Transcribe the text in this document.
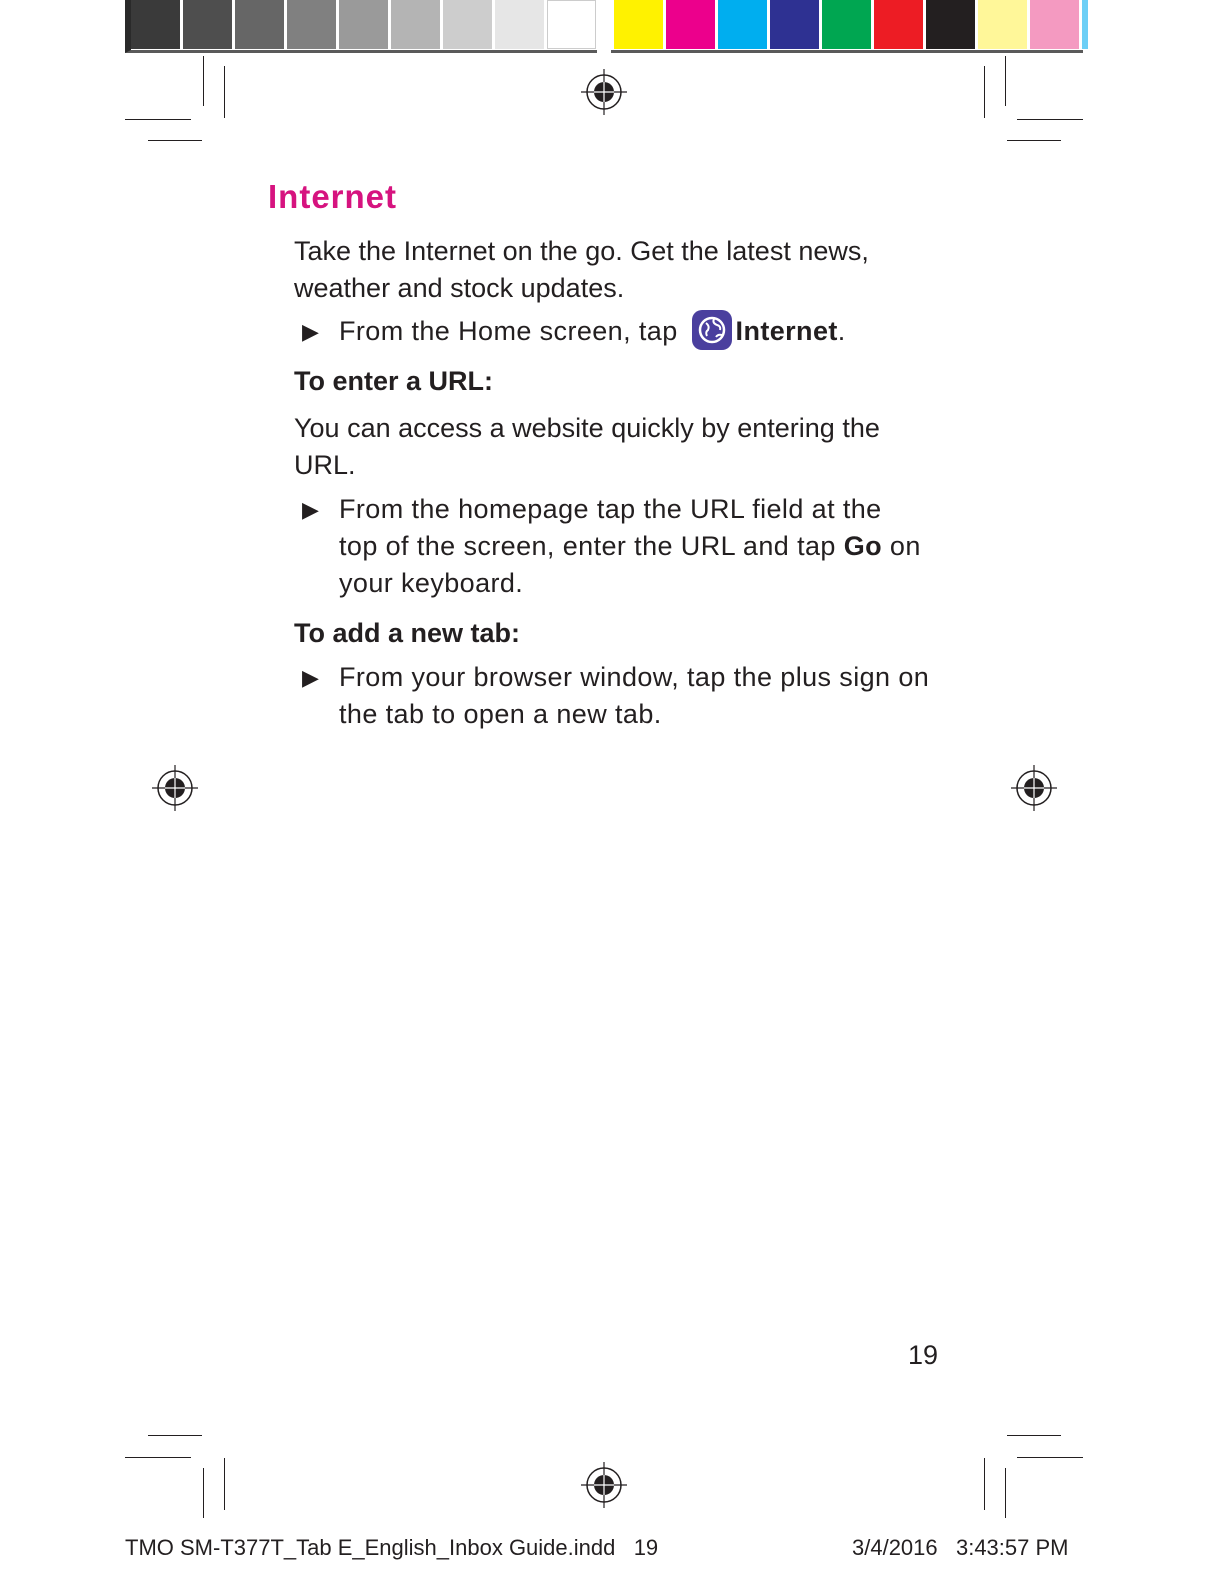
Internet

Take the Internet on the go. Get the latest news, weather and stock updates.

▶ From the Home screen, tap Internet.
To enter a URL:

You can access a website quickly by entering the URL.

▶ From the homepage tap the URL field at the top of the screen, enter the URL and tap Go on your keyboard.
To add a new tab:
▶ From your browser window, tap the plus sign on the tab to open a new tab.
19
TMO SM-T377T_Tab E_English_Inbox Guide.indd   19	3/4/2016   3:43:57 PM
